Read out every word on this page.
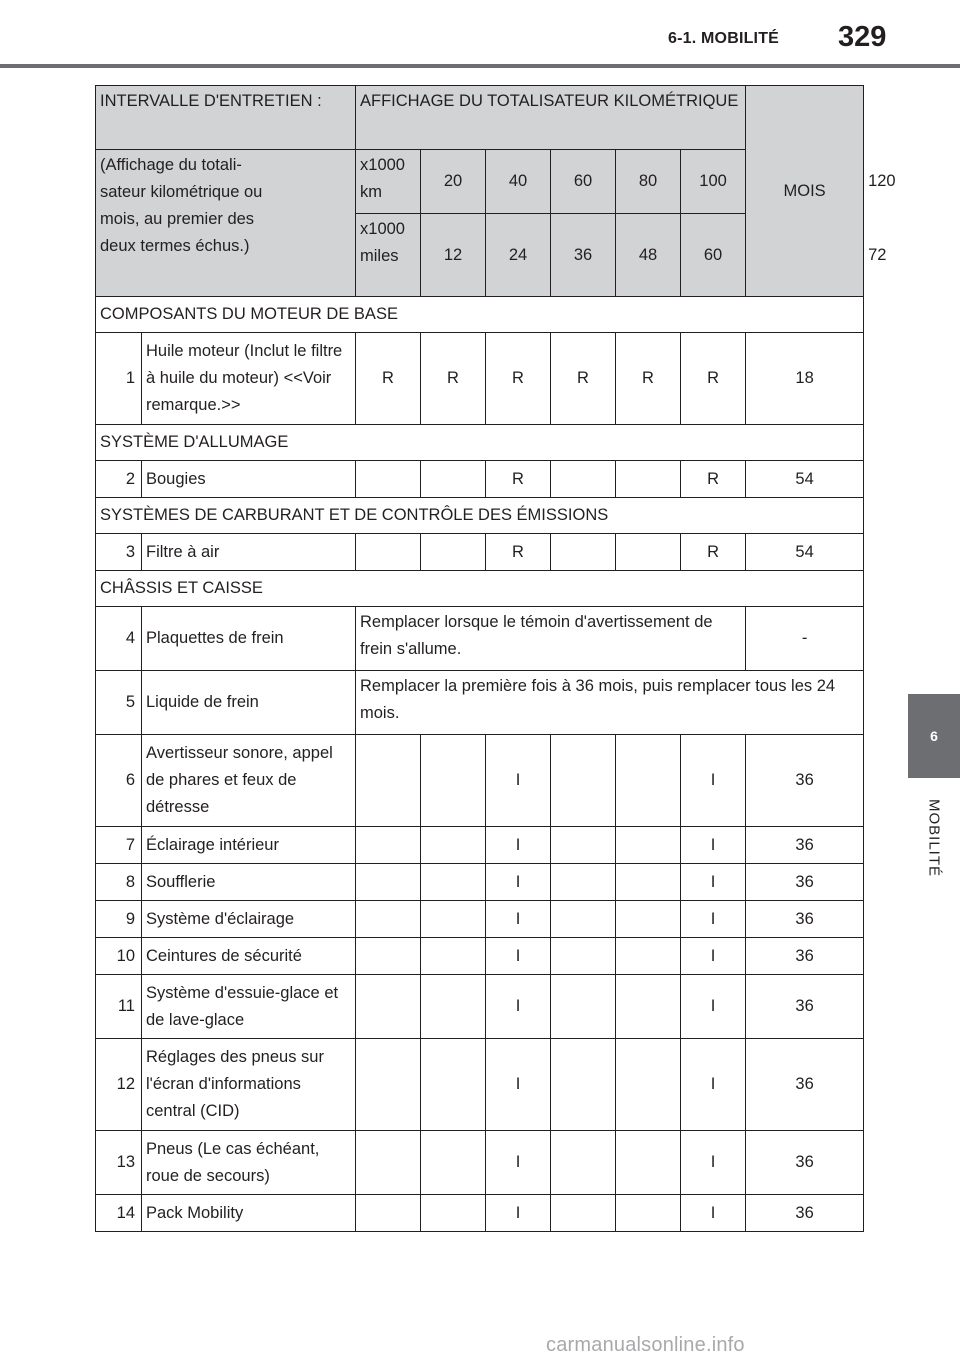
6-1. MOBILITÉ 329
6
MOBILITÉ
INTERVALLE D'ENTRETIEN :		AFFICHAGE DU TOTALISATEUR KILOMÉTRIQUE						MOIS	
(Affichage du totali-sateur kilométrique ou mois, au premier des deux termes échus.)		x1000 km	20	40	60	80	100		120
		x1000 miles	12	24	36	48	60		72
COMPOSANTS DU MOTEUR DE BASE									
1	Huile moteur (Inclut le filtre à huile du moteur) <<Voir remarque.>>	R	R	R	R	R	R	18	
SYSTÈME D'ALLUMAGE									
2	Bougies			R			R	54	
SYSTÈMES DE CARBURANT ET DE CONTRÔLE DES ÉMISSIONS									
3	Filtre à air			R			R	54	
CHÂSSIS ET CAISSE									
4	Plaquettes de frein	Remplacer lorsque le témoin d'avertissement de frein s'allume.						-	
5	Liquide de frein	Remplacer la première fois à 36 mois, puis remplacer tous les 24 mois.							
6	Avertisseur sonore, appel de phares et feux de détresse			I			I	36	
7	Éclairage intérieur			I			I	36	
8	Soufflerie			I			I	36	
9	Système d'éclairage			I			I	36	
10	Ceintures de sécurité			I			I	36	
11	Système d'essuie-glace et de lave-glace			I			I	36	
12	Réglages des pneus sur l'écran d'informations central (CID)			I			I	36	
13	Pneus (Le cas échéant, roue de secours)			I			I	36	
14	Pack Mobility			I			I	36	
carmanualsonline.info
